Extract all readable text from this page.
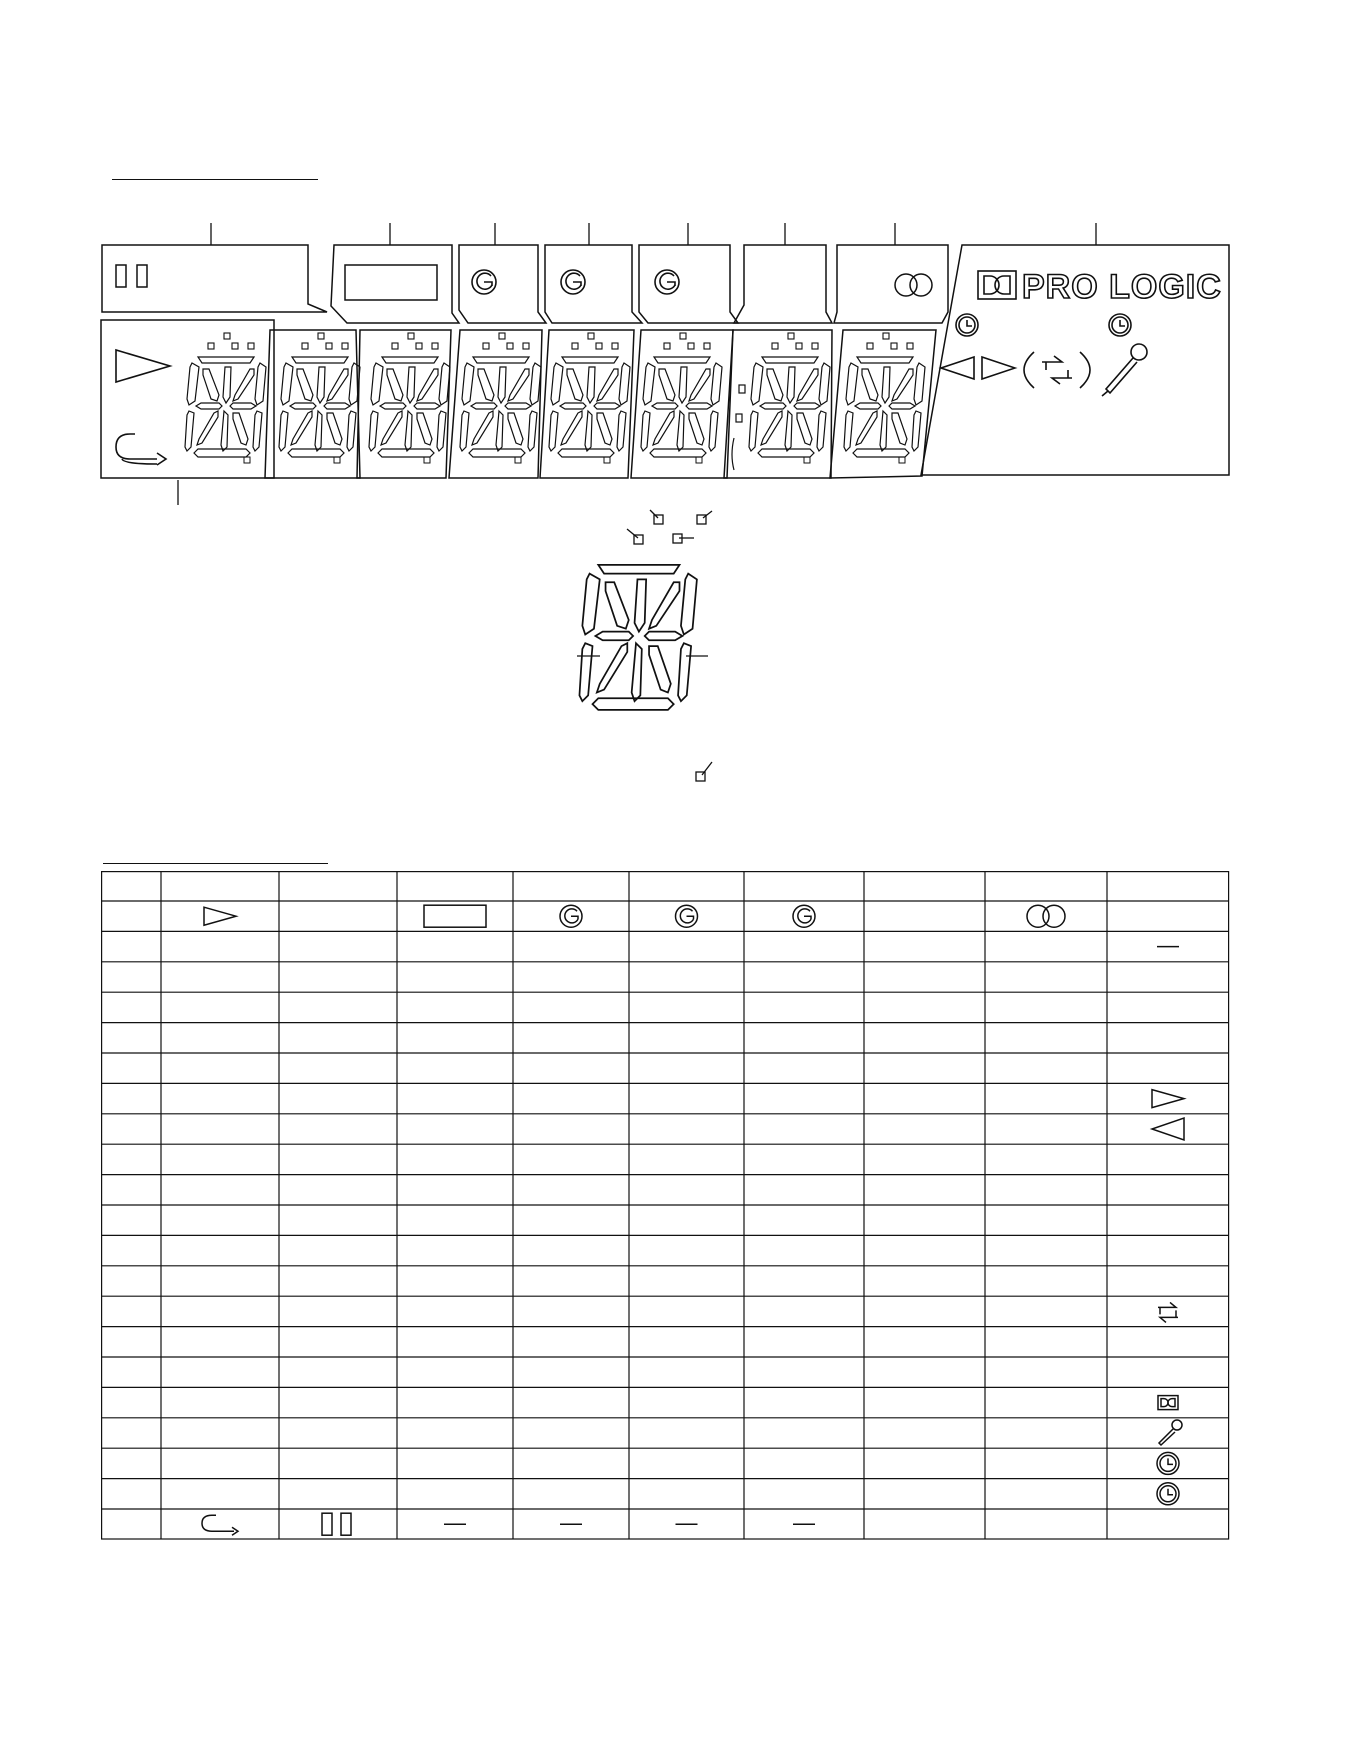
PRO LOGIC
